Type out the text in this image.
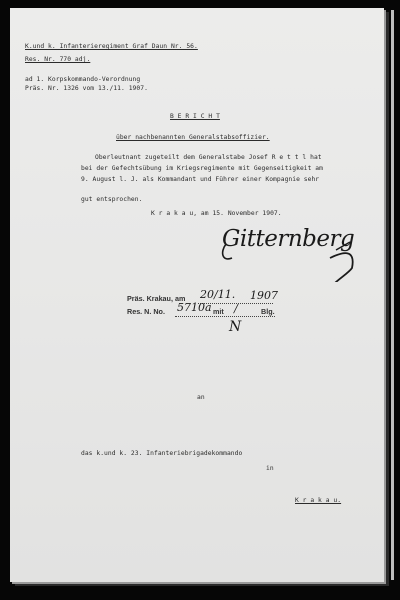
K.und k. Infanterieregiment Graf Daun Nr. 56.
Res. Nr. 770 adj.
ad 1. Korpskommando-Verordnung
Präs. Nr. 1326 vom 13./11. 1907.
B E R I C H T
über nachbenannten Generalstabsoffizier.
Oberleutnant zugeteilt dem Generalstabe Josef R e t t l hat
bei der Gefechtsübung im Kriegsregimente mit Gegenseitigkeit am
9. August l. J. als Kommandant und Führer einer Kompagnie sehr
gut entsprochen.
K r a k a u, am 15. November 1907.
Gitternberg
Präs. Krakau, am 20/11. 1907
Res. N. No. 5710a mit /	Blg.
N
an
das k.und k. 23. Infanteriebrigadekommando
in
K r a k a u.
